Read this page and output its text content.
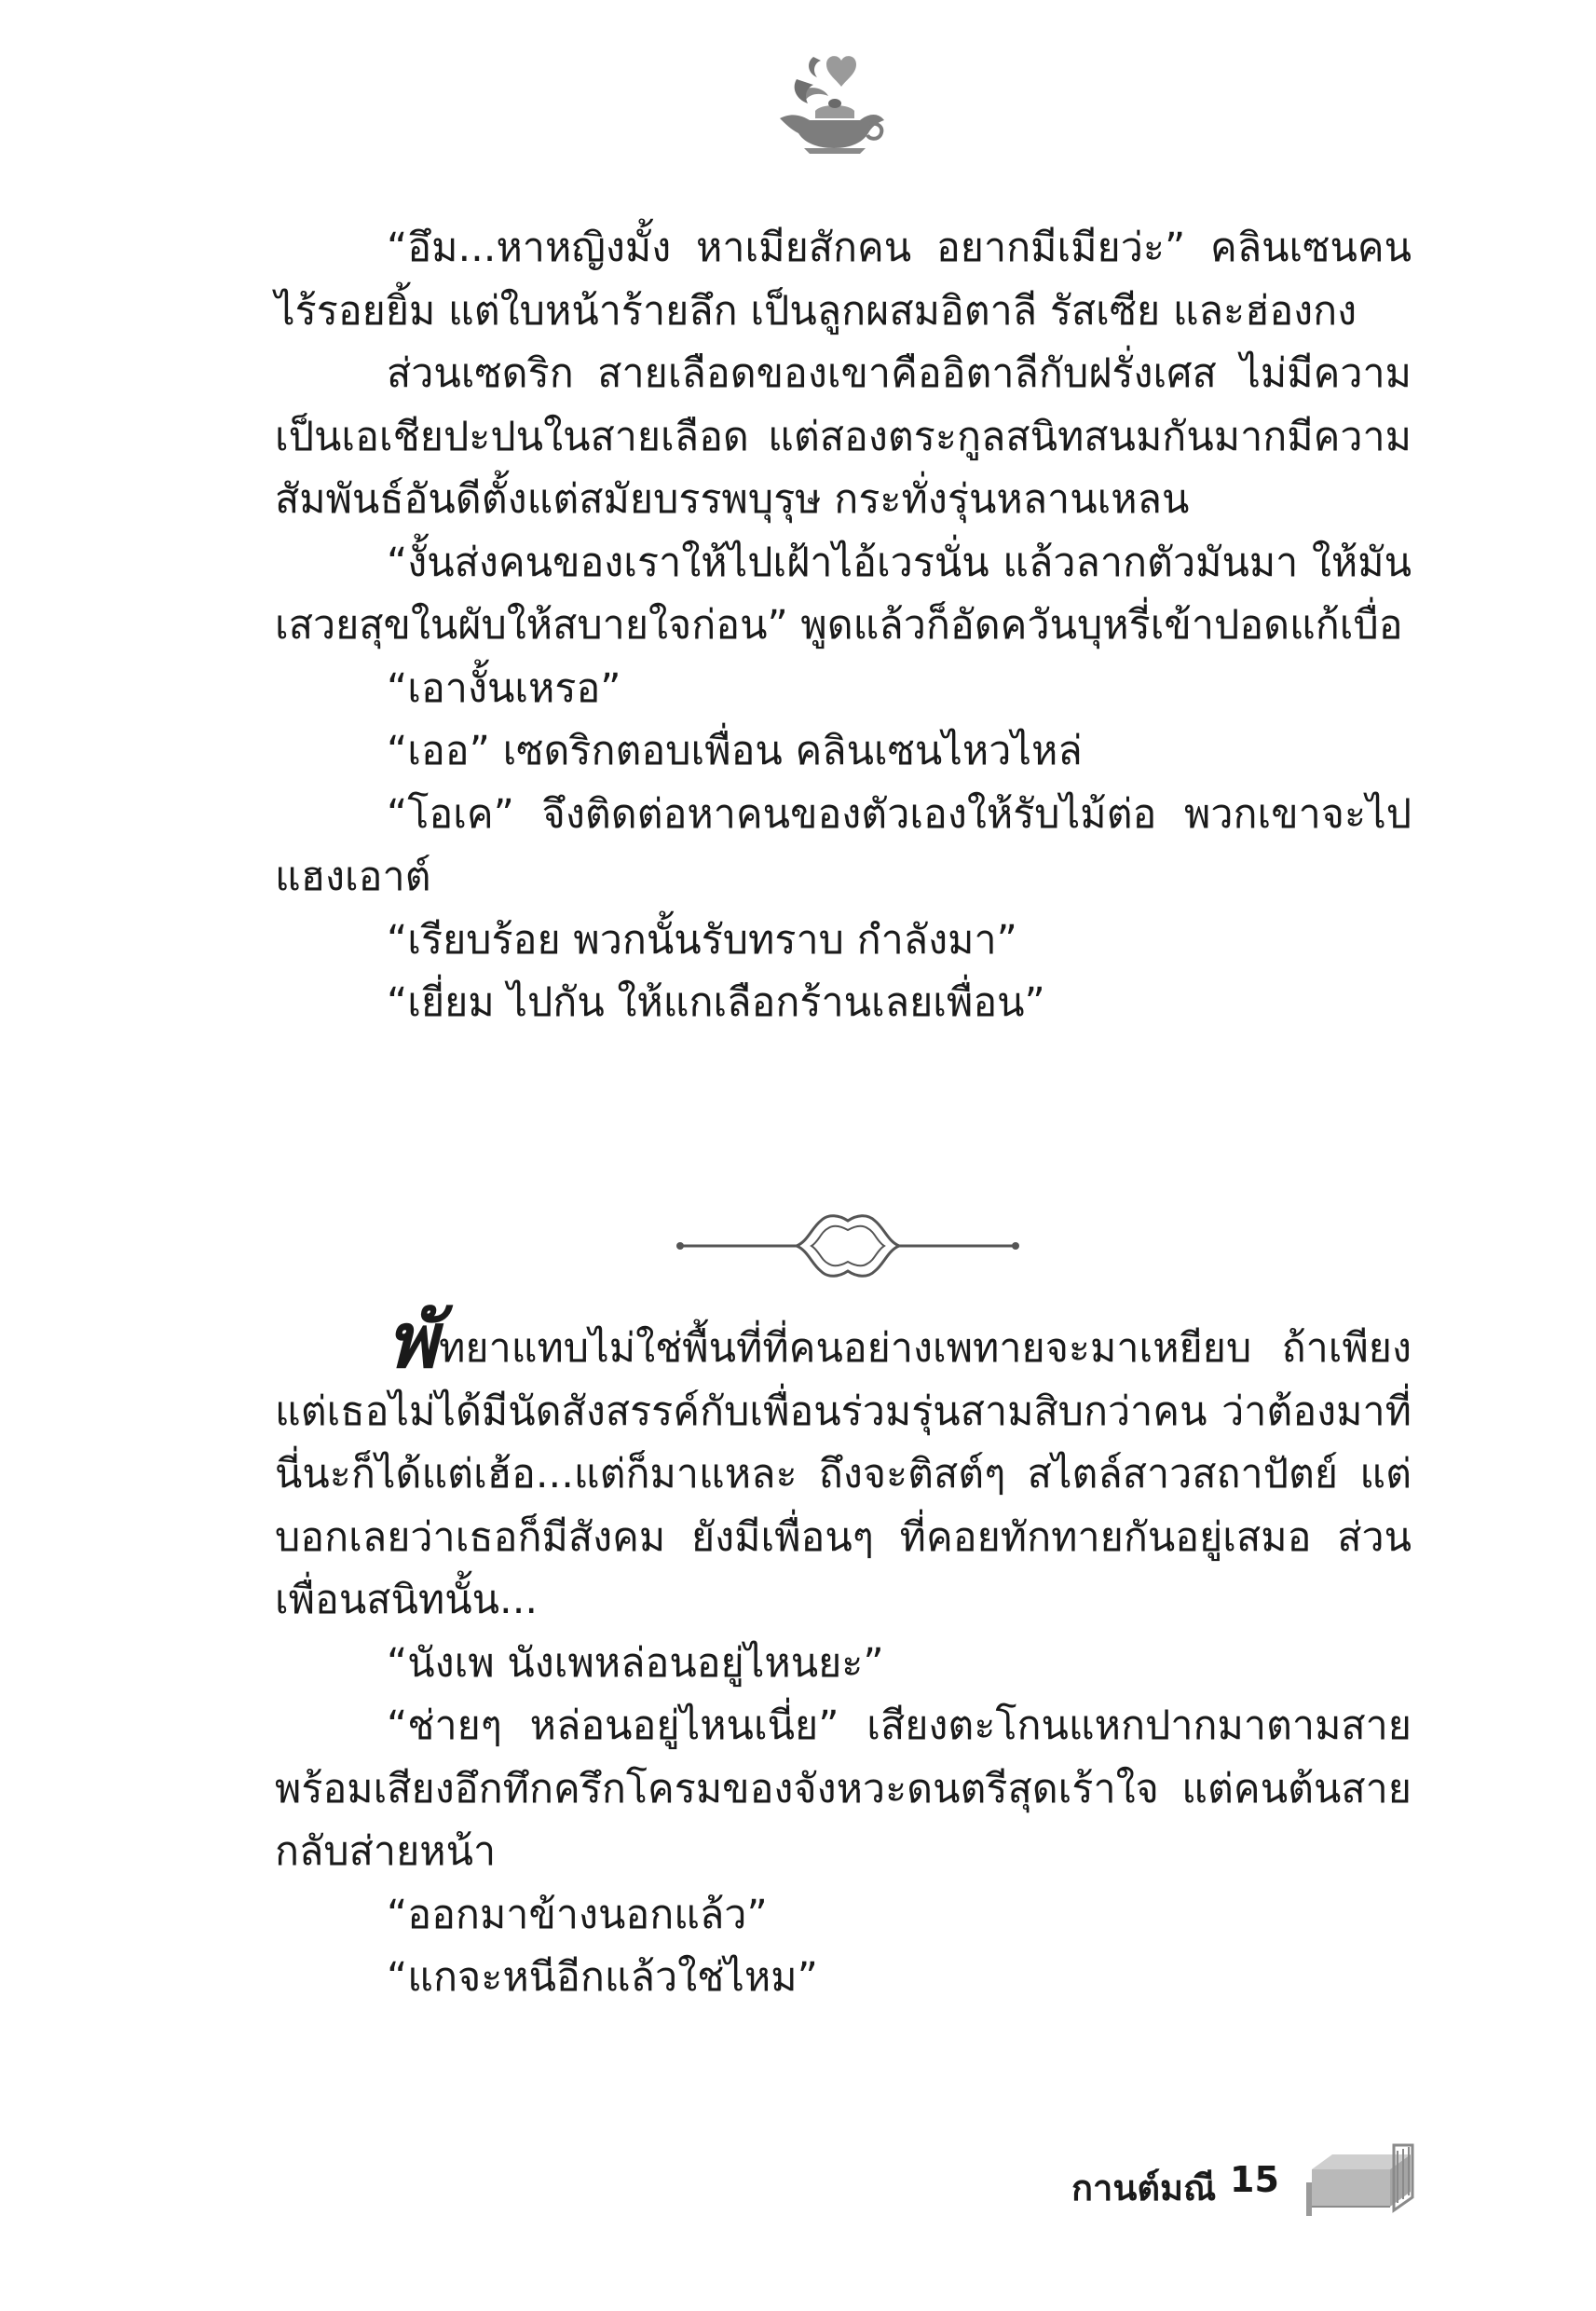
“อึม...หาหญิงมั้ง หาเมียสักคน อยากมีเมียว่ะ” คลินเซนคนไร้รอยยิ้ม แต่ใบหน้าร้ายลึก เป็นลูกผสมอิตาลี รัสเซีย และฮ่องกง

ส่วนเซดริก สายเลือดของเขาคืออิตาลีกับฝรั่งเศส ไม่มีความเป็นเอเชียปะปนในสายเลือด แต่สองตระกูลสนิทสนมกันมากมีความสัมพันธ์อันดีตั้งแต่สมัยบรรพบุรุษ กระทั่งรุ่นหลานเหลน

“งั้นส่งคนของเราให้ไปเฝ้าไอ้เวรนั่น แล้วลากตัวมันมา ให้มันเสวยสุขในผับให้สบายใจก่อน” พูดแล้วก็อัดควันบุหรี่เข้าปอดแก้เบื่อ

“เอางั้นเหรอ”

“เออ” เซดริกตอบเพื่อน คลินเซนไหวไหล่

“โอเค” จึงติดต่อหาคนของตัวเองให้รับไม้ต่อ พวกเขาจะไปแฮงเอาต์

“เรียบร้อย พวกนั้นรับทราบ กำลังมา”

“เยี่ยม ไปกัน ให้แกเลือกร้านเลยเพื่อน”

พัทยาแทบไม่ใช่พื้นที่ที่คนอย่างเพทายจะมาเหยียบ ถ้าเพียงแต่เธอไม่ได้มีนัดสังสรรค์กับเพื่อนร่วมรุ่นสามสิบกว่าคน ว่าต้องมาที่นี่นะก็ได้แต่เฮ้อ...แต่ก็มาแหละ ถึงจะติสต์ๆ สไตล์สาวสถาปัตย์ แต่บอกเลยว่าเธอก็มีสังคม ยังมีเพื่อนๆ ที่คอยทักทายกันอยู่เสมอ ส่วนเพื่อนสนิทนั้น...

“นังเพ นังเพหล่อนอยู่ไหนยะ”

“ช่ายๆ หล่อนอยู่ไหนเนี่ย” เสียงตะโกนแหกปากมาตามสายพร้อมเสียงอึกทึกครึกโครมของจังหวะดนตรีสุดเร้าใจ แต่คนต้นสายกลับส่ายหน้า

“ออกมาข้างนอกแล้ว”

“แกจะหนีอีกแล้วใช่ไหม”

กานต์มณี 15
